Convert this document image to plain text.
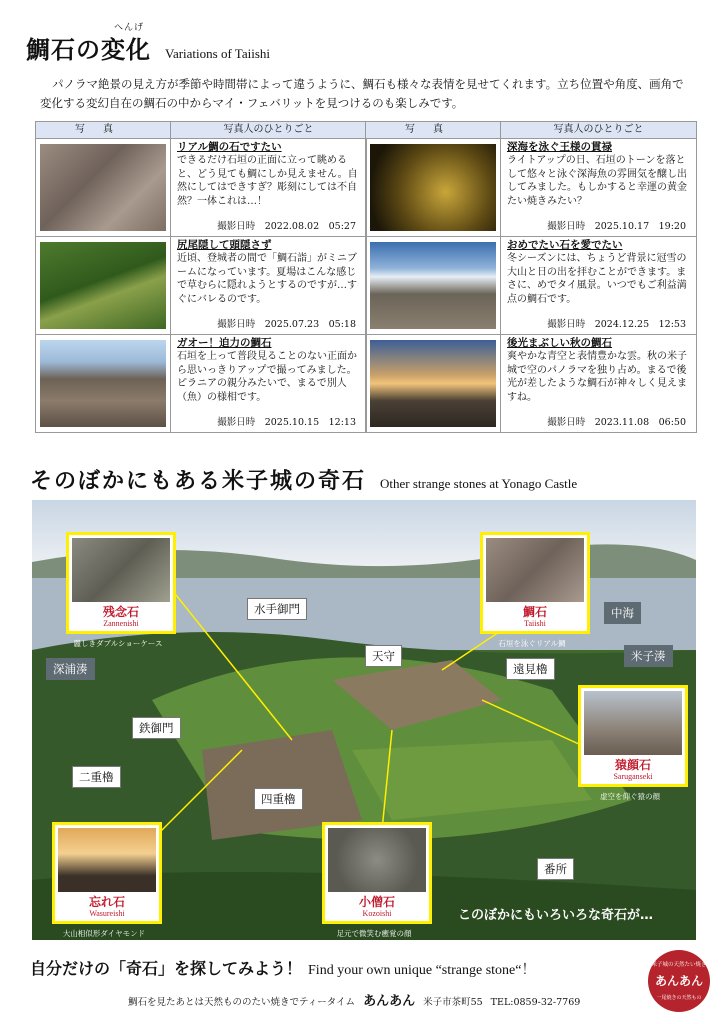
へんげ
鯛石の変化 Variations of Taiishi
パノラマ絶景の見え方が季節や時間帯によって違うように、鯛石も様々な表情を見せてくれます。立ち位置や角度、画角で変化する変幻自在の鯛石の中からマイ・フェバリットを見つけるのも楽しみです。
写真	写真人のひとりごと
リアル鯛の石ですたい
できるだけ石垣の正面に立って眺めると、どう見ても鯛にしか見えません。自然にしてはできすぎ？彫刻にしては不自然？一体これは…！
撮影日時　2022.08.02　05:27
尻尾隠して頭隠さず
近頃、登城者の間で「鯛石詣」がミニブームになっています。夏場はこんな感じで草むらに隠れようとするのですが…すぐにバレるのです。
撮影日時　2025.07.23　05:18
ガオー！迫力の鯛石
石垣を上って普段見ることのない正面から思いっきりアップで撮ってみました。ピラニアの親分みたいで、まるで別人（魚）の様相です。
撮影日時　2025.10.15　12:13
写真	写真人のひとりごと
深海を泳ぐ王様の貫禄
ライトアップの日、石垣のトーンを落として悠々と泳ぐ深海魚の雰囲気を醸し出してみました。もしかすると幸運の黄金たい焼きみたい？
撮影日時　2025.10.17　19:20
おめでたい石を愛でたい
冬シーズンには、ちょうど背景に冠雪の大山と日の出を拝むことができます。まさに、めでタイ風景。いつでもご利益満点の鯛石です。
撮影日時　2024.12.25　12:53
後光まぶしい秋の鯛石
爽やかな青空と表情豊かな雲。秋の米子城で空のパノラマを独り占め。まるで後光が差したような鯛石が神々しく見えますね。
撮影日時　2023.11.08　06:50
そのぼかにもある米子城の奇石 Other strange stones at Yonago Castle
水手御門
天守
遠見櫓
鉄御門
二重櫓
四重櫓
番所
中海
米子湊
深浦湊
残念石
Zannenishi
麗しきダブルショーケース
鯛石
Taiishi
石垣を泳ぐリアル鯛
猿顔石
Saruganseki
虚空を仰ぐ猿の顔
忘れ石
Wasureishi
大山相似形ダイヤモンド
小僧石
Kozoishi
足元で微笑む癒覚の顔
このぼかにもいろいろな奇石が…
自分だけの「奇石」を探してみよう！ Find your own unique “strange stone“！
鯛石を見たあとは天然もののたい焼きでティータイム あんあん 米子市茶町55 TEL:0859-32-7769
米子城の天然たい焼き
あんあん
一尾焼きの天然もの
